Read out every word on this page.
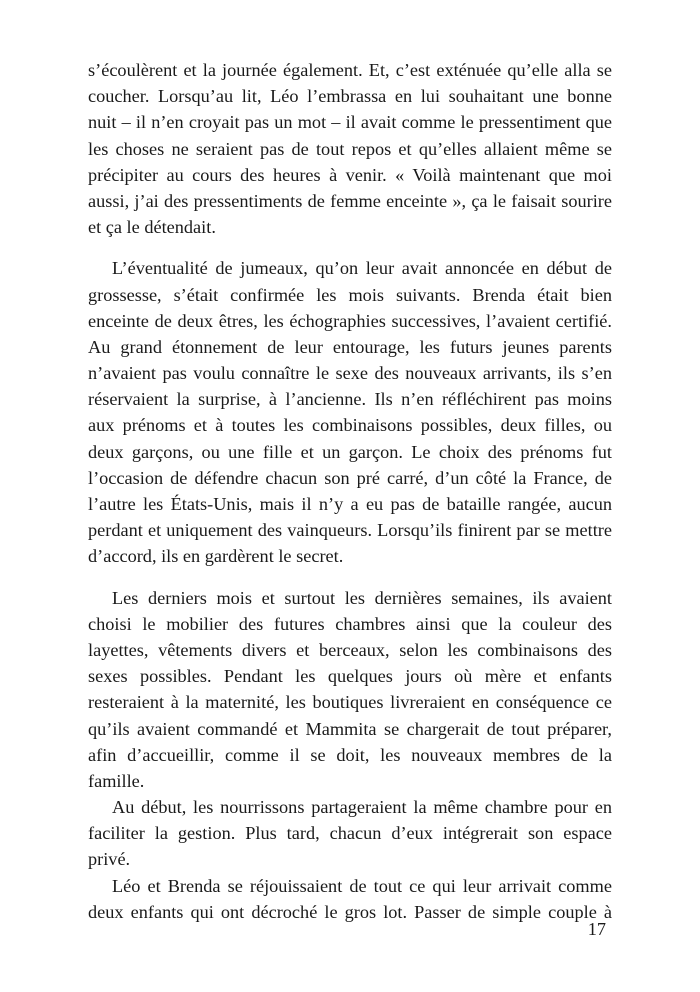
s’écoulèrent et la journée également. Et, c’est exténuée qu’elle alla se
coucher. Lorsqu’au lit, Léo l’embrassa en lui souhaitant une bonne
nuit – il n’en croyait pas un mot – il avait comme le pressentiment que
les choses ne seraient pas de tout repos et qu’elles allaient même se
précipiter au cours des heures à venir. « Voilà maintenant que moi
aussi, j’ai des pressentiments de femme enceinte », ça le faisait sourire
et ça le détendait.
L’éventualité de jumeaux, qu’on leur avait annoncée en début de
grossesse, s’était confirmée les mois suivants. Brenda était bien
enceinte de deux êtres, les échographies successives, l’avaient certifié.
Au grand étonnement de leur entourage, les futurs jeunes parents
n’avaient pas voulu connaître le sexe des nouveaux arrivants, ils s’en
réservaient la surprise, à l’ancienne. Ils n’en réfléchirent pas moins
aux prénoms et à toutes les combinaisons possibles, deux filles, ou
deux garçons, ou une fille et un garçon. Le choix des prénoms fut
l’occasion de défendre chacun son pré carré, d’un côté la France, de
l’autre les États-Unis, mais il n’y a eu pas de bataille rangée, aucun
perdant et uniquement des vainqueurs. Lorsqu’ils finirent par se mettre
d’accord, ils en gardèrent le secret.
Les derniers mois et surtout les dernières semaines, ils avaient
choisi le mobilier des futures chambres ainsi que la couleur des
layettes, vêtements divers et berceaux, selon les combinaisons des
sexes possibles. Pendant les quelques jours où mère et enfants
resteraient à la maternité, les boutiques livreraient en conséquence ce
qu’ils avaient commandé et Mammita se chargerait de tout préparer,
afin d’accueillir, comme il se doit, les nouveaux membres de la
famille.
Au début, les nourrissons partageraient la même chambre pour en
faciliter la gestion. Plus tard, chacun d’eux intégrerait son espace
privé.
Léo et Brenda se réjouissaient de tout ce qui leur arrivait comme
deux enfants qui ont décroché le gros lot. Passer de simple couple à
17
